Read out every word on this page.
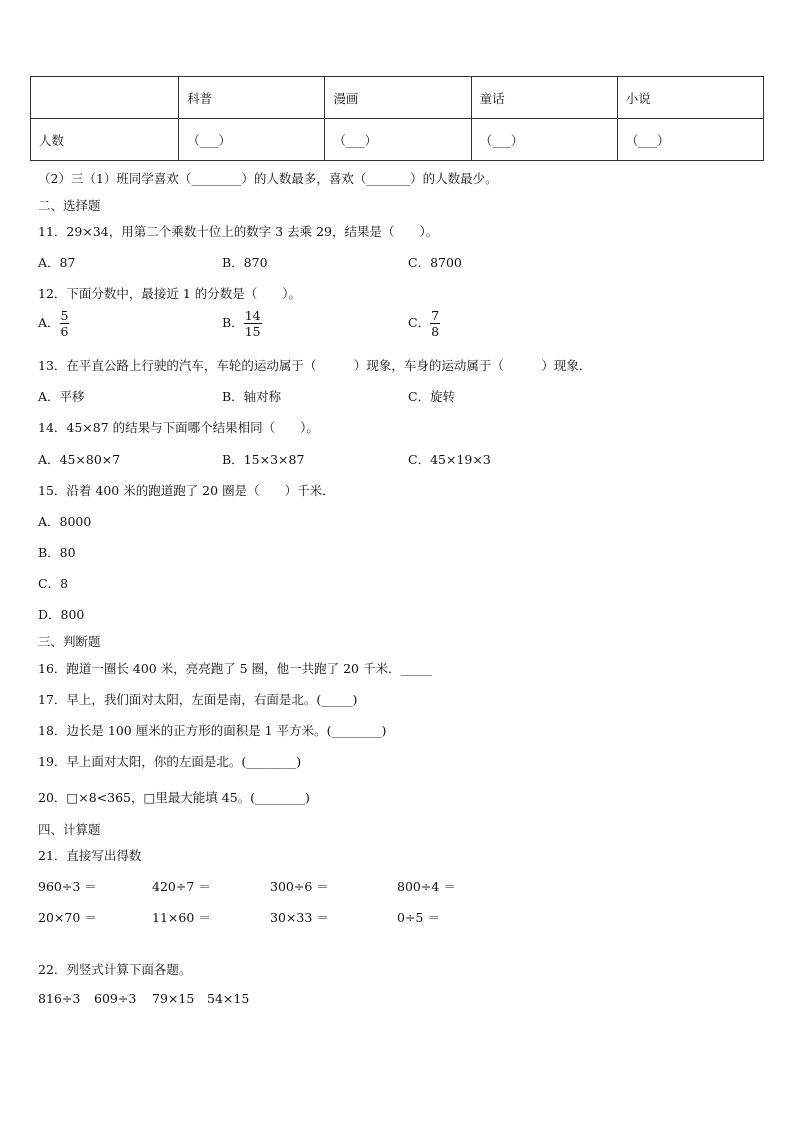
	科普	漫画	童话	小说
人数	（___）	（___）	（___）	（___）
（2）三（1）班同学喜欢（________）的人数最多，喜欢（_______）的人数最少。
二、选择题
11．29×34，用第二个乘数十位上的数字 3 去乘 29，结果是（　　）。
A．87	B．870	C．8700
12．下面分数中，最接近 1 的分数是（　　）。
A． $\frac{5}{6}$	B． $\frac{14}{15}$	C． $\frac{7}{8}$
13．在平直公路上行驶的汽车，车轮的运动属于（　　　）现象，车身的运动属于（　　　）现象．
A．平移	B．轴对称	C．旋转
14．45×87 的结果与下面哪个结果相同（　　）。
A．45×80×7	B．15×3×87	C．45×19×3
15．沿着 400 米的跑道跑了 20 圈是（　　）千米．
A．8000
B．80
C．8
D．800
三、判断题
16．跑道一圈长 400 米，亮亮跑了 5 圈，他一共跑了 20 千米．_____
17．早上，我们面对太阳，左面是南，右面是北。(_____)
18．边长是 100 厘米的正方形的面积是 1 平方米。(________)
19．早上面对太阳，你的左面是北。(________)
20．□×8<365，□里最大能填 45。(________)
四、计算题
21．直接写出得数
960÷3 ＝	420÷7 ＝	300÷6 ＝	800÷4 ＝
20×70 ＝	11×60 ＝	30×33 ＝	0÷5 ＝
22．列竖式计算下面各题。
816÷3 609÷3 79×15 54×15
